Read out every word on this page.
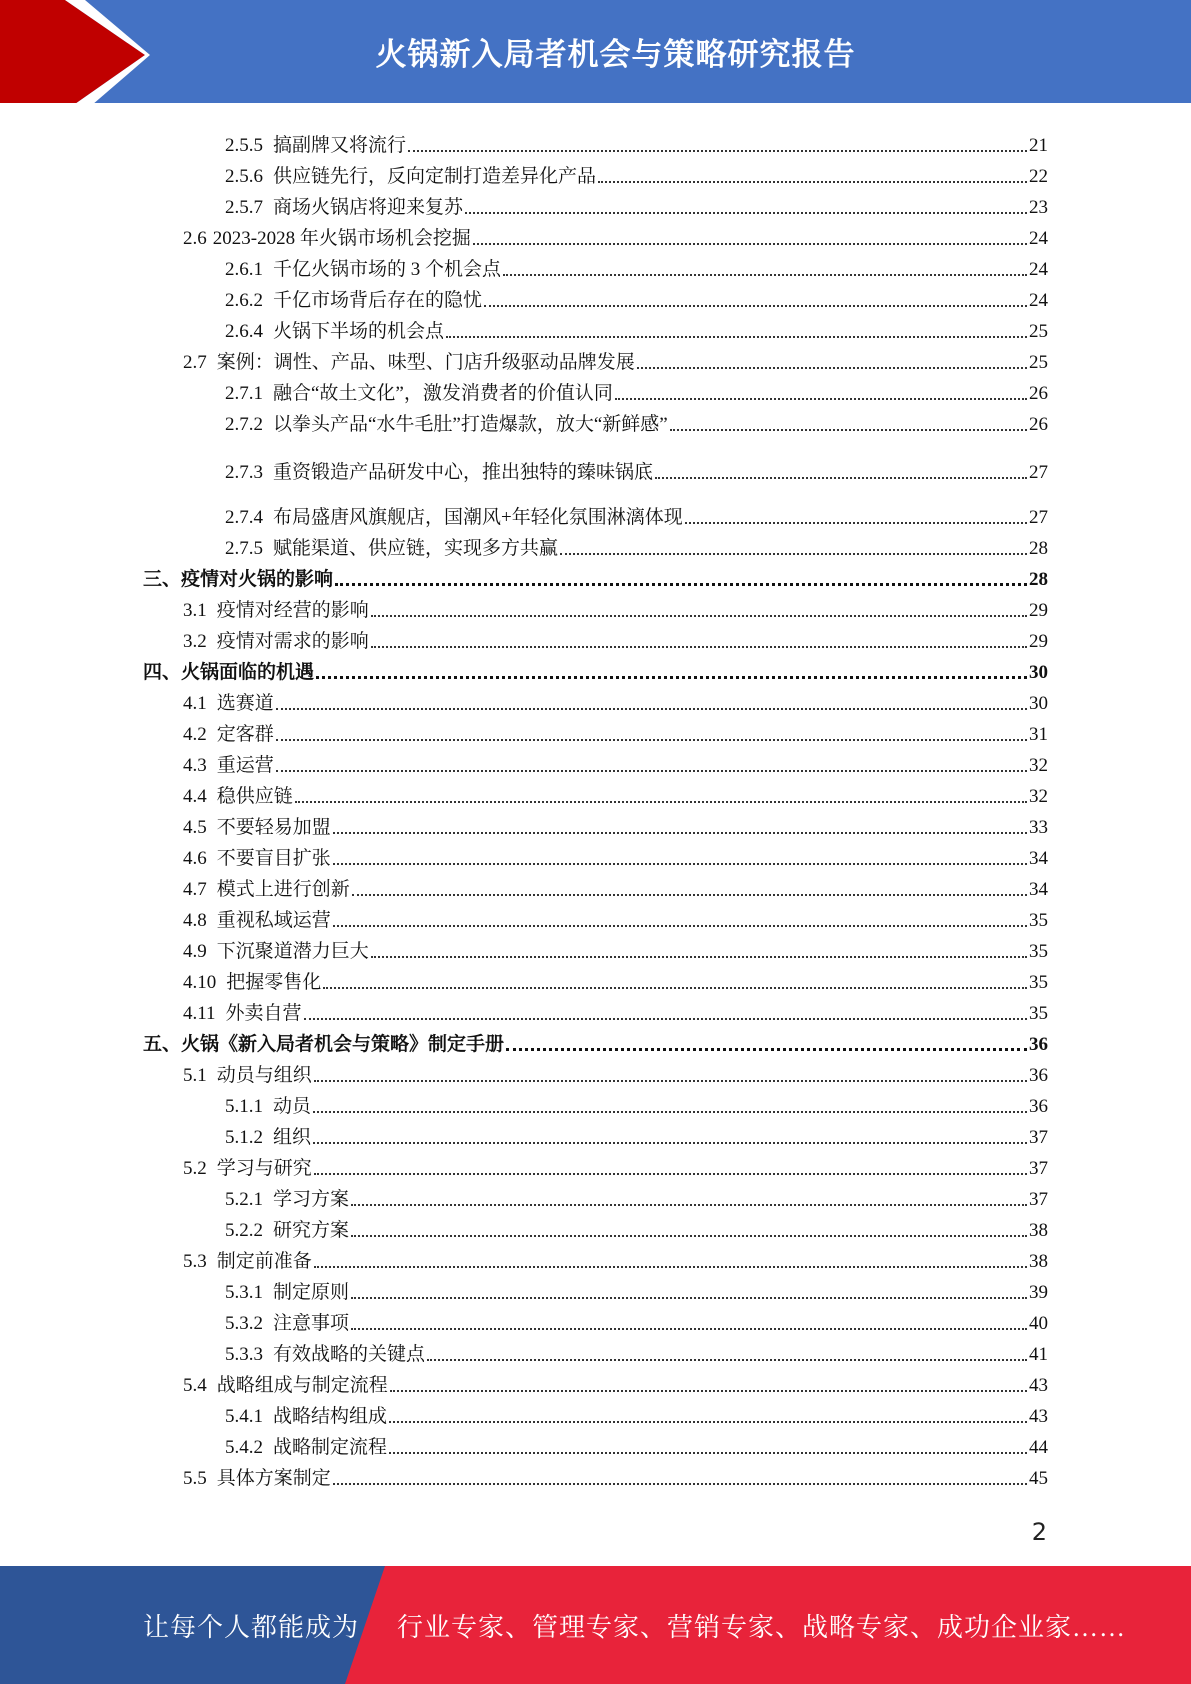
火锅新入局者机会与策略研究报告
2.5.5 搞副牌又将流行	21
2.5.6 供应链先行，反向定制打造差异化产品	22
2.5.7 商场火锅店将迎来复苏	23
2.6 2023-2028 年火锅市场机会挖掘	24
2.6.1 千亿火锅市场的 3 个机会点	24
2.6.2 千亿市场背后存在的隐忧	24
2.6.4 火锅下半场的机会点	25
2.7 案例：调性、产品、味型、门店升级驱动品牌发展	25
2.7.1 融合“故土文化”，激发消费者的价值认同	26
2.7.2 以拳头产品“水牛毛肚”打造爆款，放大“新鲜感”	26
2.7.3 重资锻造产品研发中心，推出独特的臻味锅底	27
2.7.4 布局盛唐风旗舰店，国潮风+年轻化氛围淋漓体现	27
2.7.5 赋能渠道、供应链，实现多方共赢	28
三、 疫情对火锅的影响	28
3.1 疫情对经营的影响	29
3.2 疫情对需求的影响	29
四、 火锅面临的机遇	30
4.1 选赛道	30
4.2 定客群	31
4.3 重运营	32
4.4 稳供应链	32
4.5 不要轻易加盟	33
4.6 不要盲目扩张	34
4.7 模式上进行创新	34
4.8 重视私域运营	35
4.9 下沉聚道潜力巨大	35
4.10 把握零售化	35
4.11 外卖自营	35
五、 火锅《新入局者机会与策略》制定手册	36
5.1 动员与组织	36
5.1.1 动员	36
5.1.2 组织	37
5.2 学习与研究	37
5.2.1 学习方案	37
5.2.2 研究方案	38
5.3 制定前准备	38
5.3.1 制定原则	39
5.3.2 注意事项	40
5.3.3 有效战略的关键点	41
5.4 战略组成与制定流程	43
5.4.1 战略结构组成	43
5.4.2 战略制定流程	44
5.5 具体方案制定	45
2
让每个人都能成为 行业专家、管理专家、营销专家、战略专家、成功企业家……
